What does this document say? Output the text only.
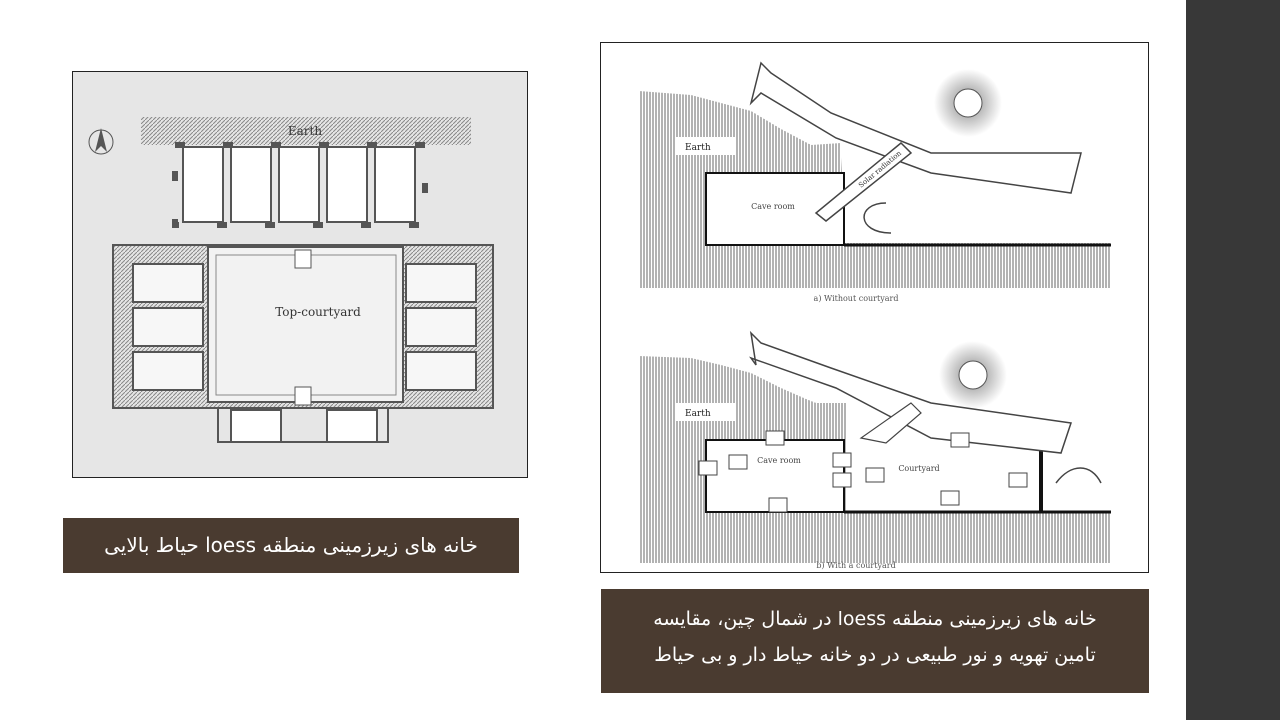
Earth
Top-courtyard
Earth
Cave room
Solar radiation
a) Without courtyard
Earth
Cave room
Courtyard
b) With a courtyard
خانه های زیرزمینی منطقه loess حیاط بالایی
خانه های زیرزمینی منطقه loess در شمال چین، مقایسه
تامین تهویه و نور طبیعی در دو خانه حیاط دار و بی حیاط
